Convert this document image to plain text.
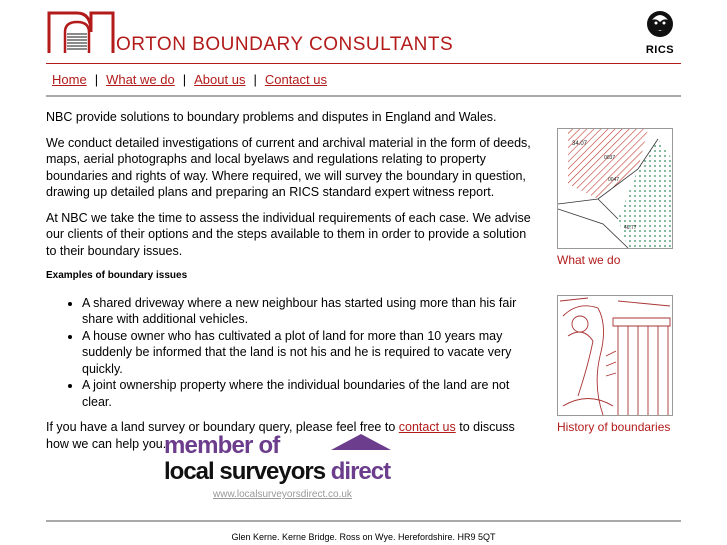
ORTON BOUNDARY CONSULTANTS	RICS
Home | What we do | About us | Contact us

NBC provide solutions to boundary problems and disputes in England and Wales.

We conduct detailed investigations of current and archival material in the form of deeds, maps, aerial photographs and local byelaws and regulations relating to property boundaries and rights of way. Where required, we will survey the boundary in question, drawing up detailed plans and preparing an RICS standard expert witness report.

At NBC we take the time to assess the individual requirements of each case. We advise our clients of their options and the steps available to them in order to provide a solution to their boundary issues.

Examples of boundary issues
• A shared driveway where a new neighbour has started using more than his fair share with additional vehicles.
• A house owner who has cultivated a plot of land for more than 10 years may suddenly be informed that the land is not his and he is required to vacate very quickly.
• A joint ownership property where the individual boundaries of the land are not clear.

If you have a land survey or boundary query, please feel free to contact us to discuss how we can help you.

34.07
0037
0047
46.77
What we do
History of boundaries
member of
local surveyors direct
www.localsurveyorsdirect.co.uk
Glen Kerne. Kerne Bridge. Ross on Wye. Herefordshire. HR9 5QT
